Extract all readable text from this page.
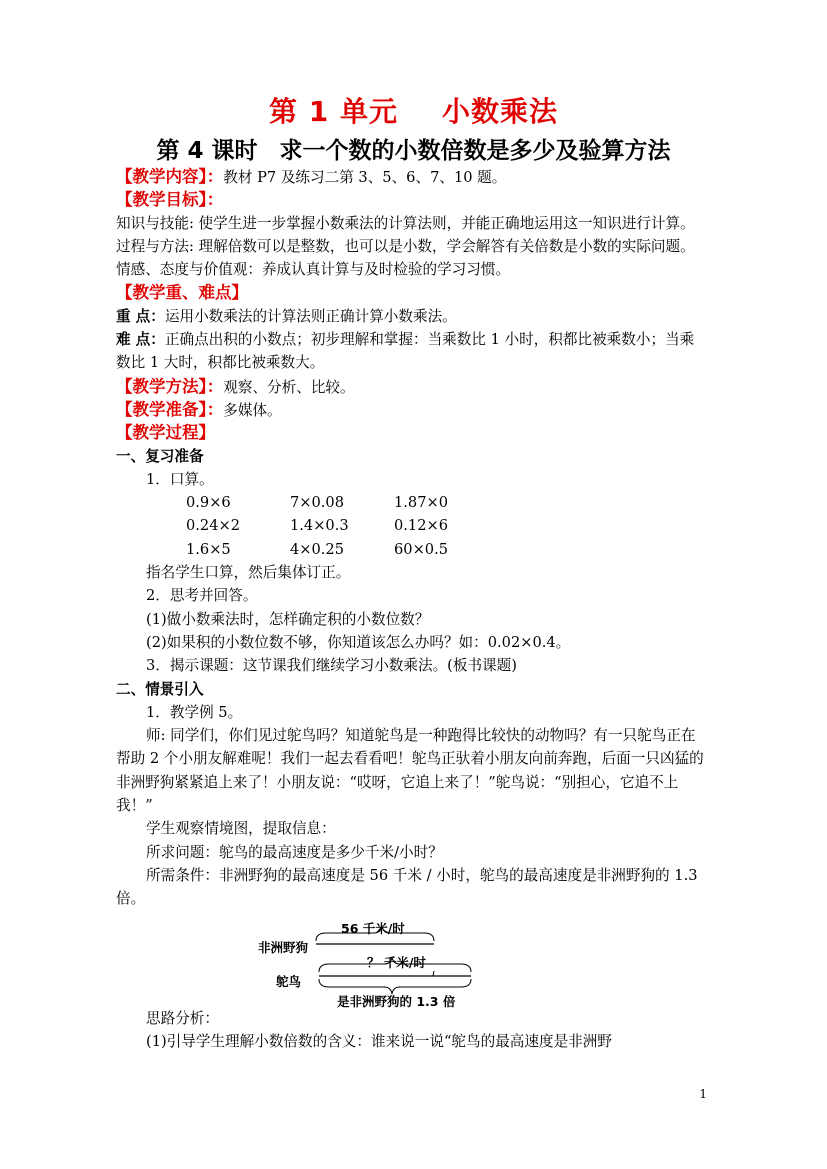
第 1 单元 小数乘法
第 4 课时 求一个数的小数倍数是多少及验算方法
【教学内容】：教材 P7 及练习二第 3、5、6、7、10 题。
【教学目标】：
知识与技能: 使学生进一步掌握小数乘法的计算法则，并能正确地运用这一知识进行计算。
过程与方法: 理解倍数可以是整数，也可以是小数，学会解答有关倍数是小数的实际问题。
情感、态度与价值观：养成认真计算与及时检验的学习习惯。
【教学重、难点】
重 点：运用小数乘法的计算法则正确计算小数乘法。
难 点：正确点出积的小数点；初步理解和掌握：当乘数比 1 小时，积都比被乘数小；当乘数比 1 大时，积都比被乘数大。
【教学方法】：观察、分析、比较。
【教学准备】：多媒体。
【教学过程】
一、复习准备
1．口算。
0.9×6	7×0.08	1.87×0
0.24×2	1.4×0.3	0.12×6
1.6×5	4×0.25	60×0.5
指名学生口算，然后集体订正。
2．思考并回答。
(1)做小数乘法时，怎样确定积的小数位数？
(2)如果积的小数位数不够，你知道该怎么办吗？如：0.02×0.4。
3．揭示课题：这节课我们继续学习小数乘法。(板书课题)
二、情景引入
1．教学例 5。
师: 同学们，你们见过鸵鸟吗？知道鸵鸟是一种跑得比较快的动物吗？有一只鸵鸟正在帮助 2 个小朋友解难呢！我们一起去看看吧！鸵鸟正驮着小朋友向前奔跑，后面一只凶猛的非洲野狗紧紧追上来了！小朋友说：“哎呀，它追上来了！”鸵鸟说：“别担心，它追不上我！”
学生观察情境图，提取信息：
所求问题：鸵鸟的最高速度是多少千米/小时？
所需条件：非洲野狗的最高速度是 56 千米 / 小时，鸵鸟的最高速度是非洲野狗的 1.3 倍。
56 千米/时
非洲野狗
？ 千米/时
鸵鸟
是非洲野狗的 1.3 倍
思路分析：
(1)引导学生理解小数倍数的含义：谁来说一说“鸵鸟的最高速度是非洲野
1
